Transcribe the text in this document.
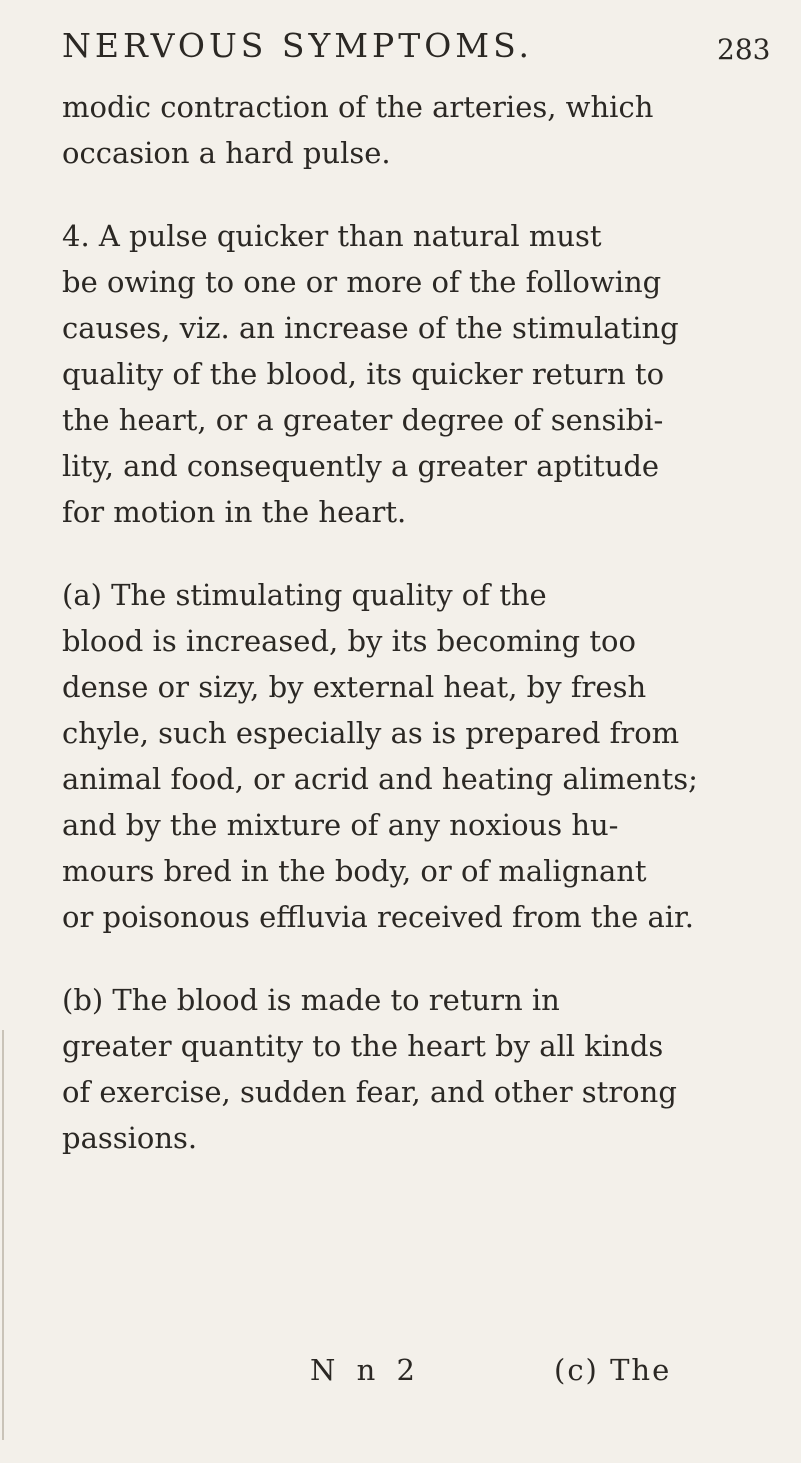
NERVOUS SYMPTOMS.	283
modic contraction of the arteries, which
occasion a hard pulse.
4. A pulse quicker than natural must
be owing to one or more of the following
causes, viz. an increase of the stimulating
quality of the blood, its quicker return to
the heart, or a greater degree of sensibi-
lity, and consequently a greater aptitude
for motion in the heart.
(a) The stimulating quality of the
blood is increased, by its becoming too
dense or sizy, by external heat, by fresh
chyle, such especially as is prepared from
animal food, or acrid and heating aliments;
and by the mixture of any noxious hu-
mours bred in the body, or of malignant
or poisonous effluvia received from the air.
(b) The blood is made to return in
greater quantity to the heart by all kinds
of exercise, sudden fear, and other strong
passions.
N n 2	(c) The
